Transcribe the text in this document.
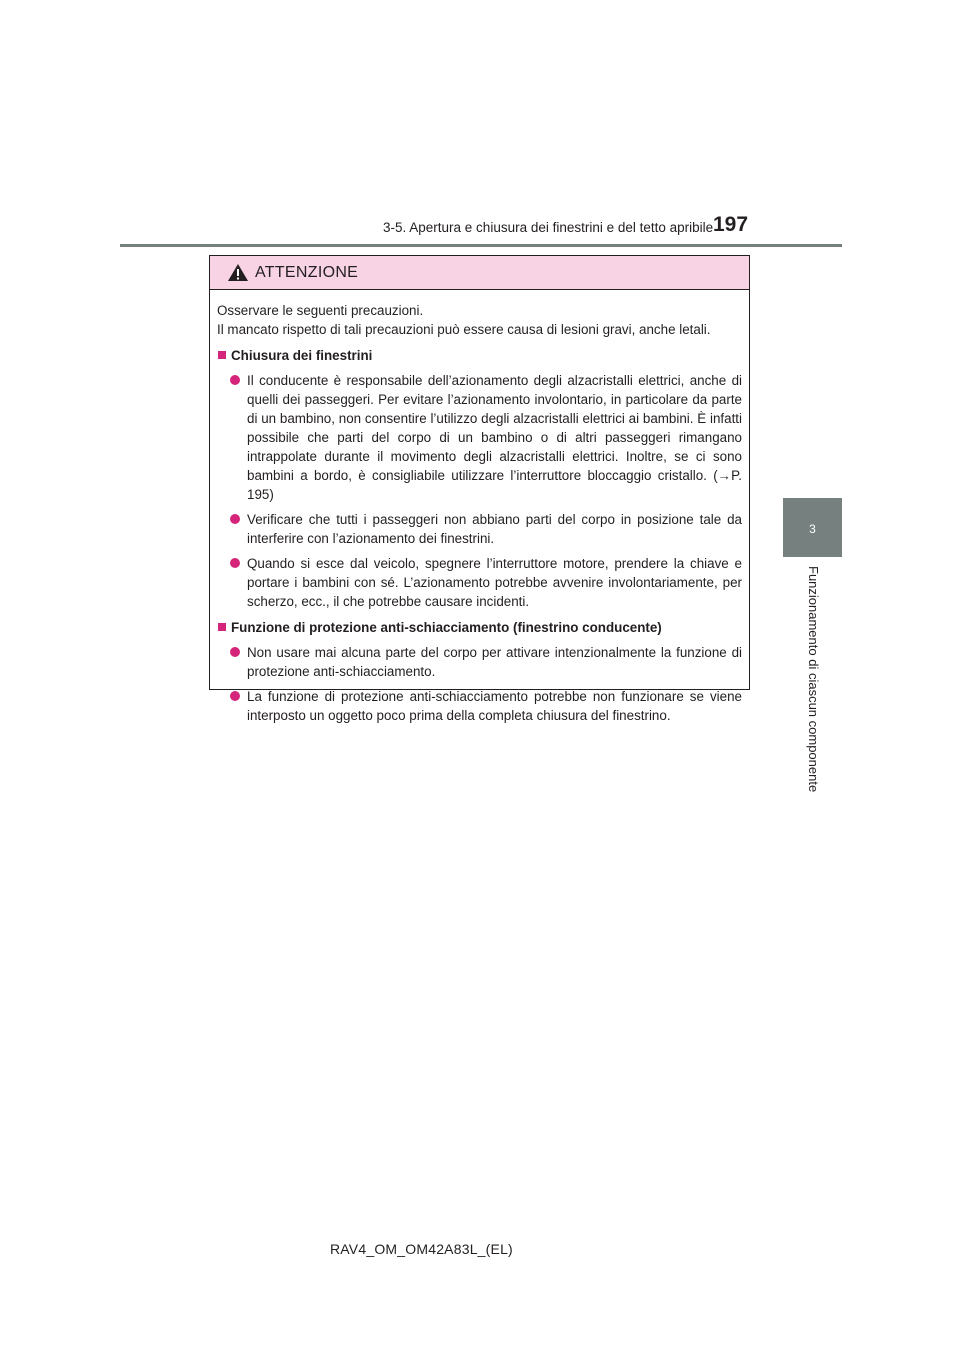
3-5. Apertura e chiusura dei finestrini e del tetto apribile 197
3
Funzionamento di ciascun componente
ATTENZIONE

Osservare le seguenti precauzioni.

Il mancato rispetto di tali precauzioni può essere causa di lesioni gravi, anche letali.

Chiusura dei finestrini
Il conducente è responsabile dell’azionamento degli alzacristalli elettrici, anche di quelli dei passeggeri. Per evitare l’azionamento involontario, in particolare da parte di un bambino, non consentire l’utilizzo degli alzacristalli elettrici ai bambini. È infatti possibile che parti del corpo di un bambino o di altri passeggeri rimangano intrappolate durante il movimento degli alzacristalli elettrici. Inoltre, se ci sono bambini a bordo, è consigliabile utilizzare l’interruttore bloccaggio cristallo. (→P. 195)
Verificare che tutti i passeggeri non abbiano parti del corpo in posizione tale da interferire con l’azionamento dei finestrini.
Quando si esce dal veicolo, spegnere l’interruttore motore, prendere la chiave e portare i bambini con sé. L’azionamento potrebbe avvenire involontariamente, per scherzo, ecc., il che potrebbe causare incidenti.
Funzione di protezione anti-schiacciamento (finestrino conducente)
Non usare mai alcuna parte del corpo per attivare intenzionalmente la funzione di protezione anti-schiacciamento.
La funzione di protezione anti-schiacciamento potrebbe non funzionare se viene interposto un oggetto poco prima della completa chiusura del finestrino.
RAV4_OM_OM42A83L_(EL)
